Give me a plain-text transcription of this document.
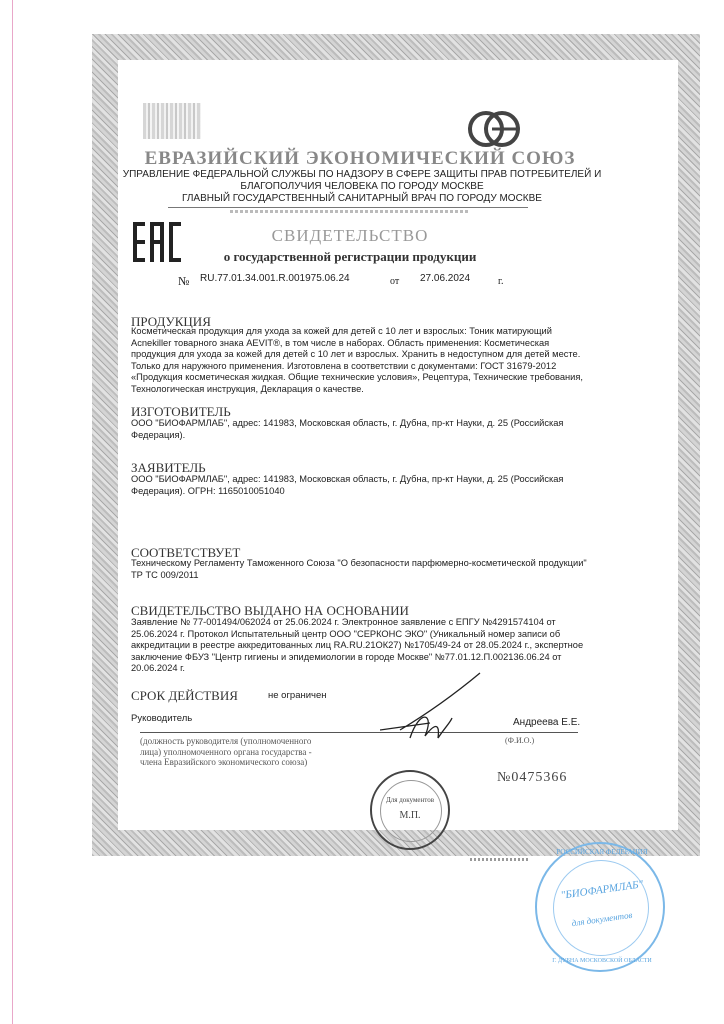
ЕВРАЗИЙСКИЙ ЭКОНОМИЧЕСКИЙ СОЮЗ
УПРАВЛЕНИЕ ФЕДЕРАЛЬНОЙ СЛУЖБЫ ПО НАДЗОРУ В СФЕРЕ ЗАЩИТЫ ПРАВ ПОТРЕБИТЕЛЕЙ И
БЛАГОПОЛУЧИЯ ЧЕЛОВЕКА ПО ГОРОДУ МОСКВЕ
ГЛАВНЫЙ ГОСУДАРСТВЕННЫЙ САНИТАРНЫЙ ВРАЧ ПО ГОРОДУ МОСКВЕ
СВИДЕТЕЛЬСТВО
о государственной регистрации продукции
№ RU.77.01.34.001.R.001975.06.24	от 27.06.2024	г.
ПРОДУКЦИЯ
Косметическая продукция для ухода за кожей для детей с 10 лет и взрослых: Тоник матирующий
Acnekiller товарного знака AEVIT®, в том числе в наборах. Область применения: Косметическая
продукция для ухода за кожей для детей с 10 лет и взрослых. Хранить в недоступном для детей месте.
Только для наружного применения. Изготовлена в соответствии с документами: ГОСТ 31679-2012
«Продукция косметическая жидкая. Общие технические условия», Рецептура, Технические требования,
Технологическая инструкция, Декларация о качестве.
ИЗГОТОВИТЕЛЬ
ООО "БИОФАРМЛАБ", адрес: 141983, Московская область, г. Дубна, пр-кт Науки, д. 25 (Российская
Федерация).
ЗАЯВИТЕЛЬ
ООО "БИОФАРМЛАБ", адрес: 141983, Московская область, г. Дубна, пр-кт Науки, д. 25 (Российская
Федерация). ОГРН: 1165010051040
СООТВЕТСТВУЕТ
Техническому Регламенту Таможенного Союза "О безопасности парфюмерно-косметической продукции"
ТР ТС 009/2011
СВИДЕТЕЛЬСТВО ВЫДАНО НА ОСНОВАНИИ
Заявление № 77-001494/062024 от 25.06.2024 г. Электронное заявление с ЕПГУ №4291574104 от
25.06.2024 г. Протокол Испытательный центр ООО "СЕРКОНС ЭКО" (Уникальный номер записи об
аккредитации в реестре аккредитованных лиц RA.RU.21ОК27) №1705/49-24 от 28.05.2024 г., экспертное
заключение ФБУЗ "Центр гигиены и эпидемиологии в городе Москве" №77.01.12.П.002136.06.24 от
20.06.2024 г.
СРОК ДЕЙСТВИЯ	не ограничен
Руководитель	Андреева Е.Е.
(должность руководителя (уполномоченного
лица) уполномоченного органа государства -
члена Евразийского экономического союза)
(Ф.И.О.)
№0475366
Для документов
М.П.
РОССИЙСКАЯ ФЕДЕРАЦИЯ
"БИОФАРМЛАБ"
для документов
Г. ДУБНА МОСКОВСКОЙ ОБЛАСТИ
